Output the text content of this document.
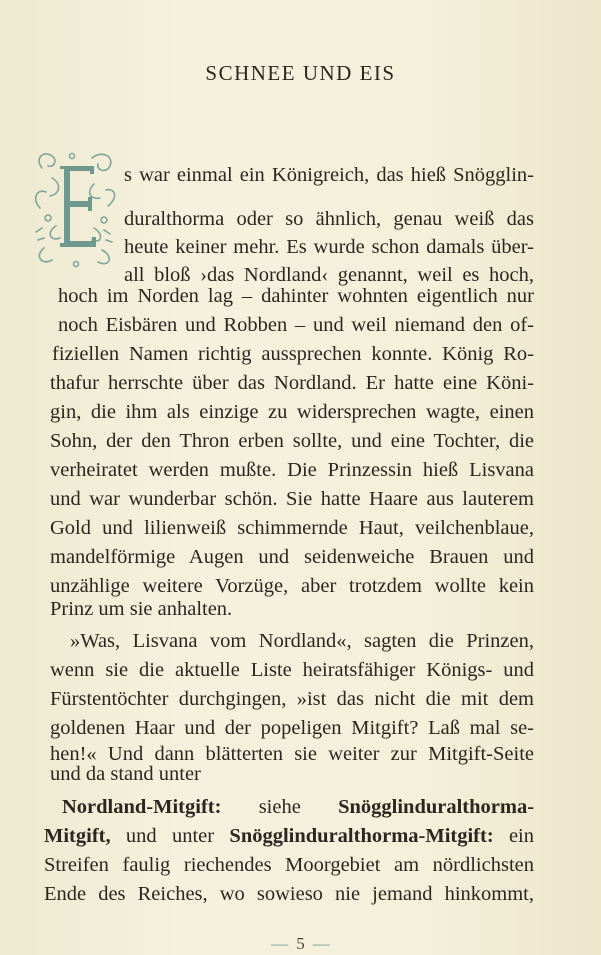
SCHNEE UND EIS
s war einmal ein Königreich, das hieß Snögglin-
duralthorma oder so ähnlich, genau weiß das
heute keiner mehr. Es wurde schon damals über-
all bloß ›das Nordland‹ genannt, weil es hoch,
hoch im Norden lag – dahinter wohnten eigentlich nur
noch Eisbären und Robben – und weil niemand den of-
fiziellen Namen richtig aussprechen konnte. König Ro-
thafur herrschte über das Nordland. Er hatte eine Köni-
gin, die ihm als einzige zu widersprechen wagte, einen
Sohn, der den Thron erben sollte, und eine Tochter, die
verheiratet werden mußte. Die Prinzessin hieß Lisvana
und war wunderbar schön. Sie hatte Haare aus lauterem
Gold und lilienweiß schimmernde Haut, veilchenblaue,
mandelförmige Augen und seidenweiche Brauen und
unzählige weitere Vorzüge, aber trotzdem wollte kein
Prinz um sie anhalten.
»Was, Lisvana vom Nordland«, sagten die Prinzen,
wenn sie die aktuelle Liste heiratsfähiger Königs- und
Fürstentöchter durchgingen, »ist das nicht die mit dem
goldenen Haar und der popeligen Mitgift? Laß mal se-
hen!« Und dann blätterten sie weiter zur Mitgift-Seite
und da stand unter
Nordland-Mitgift: siehe Snögglinduralthorma-
Mitgift, und unter Snögglinduralthorma-Mitgift: ein
Streifen faulig riechendes Moorgebiet am nördlichsten
Ende des Reiches, wo sowieso nie jemand hinkommt,
— 5 —
